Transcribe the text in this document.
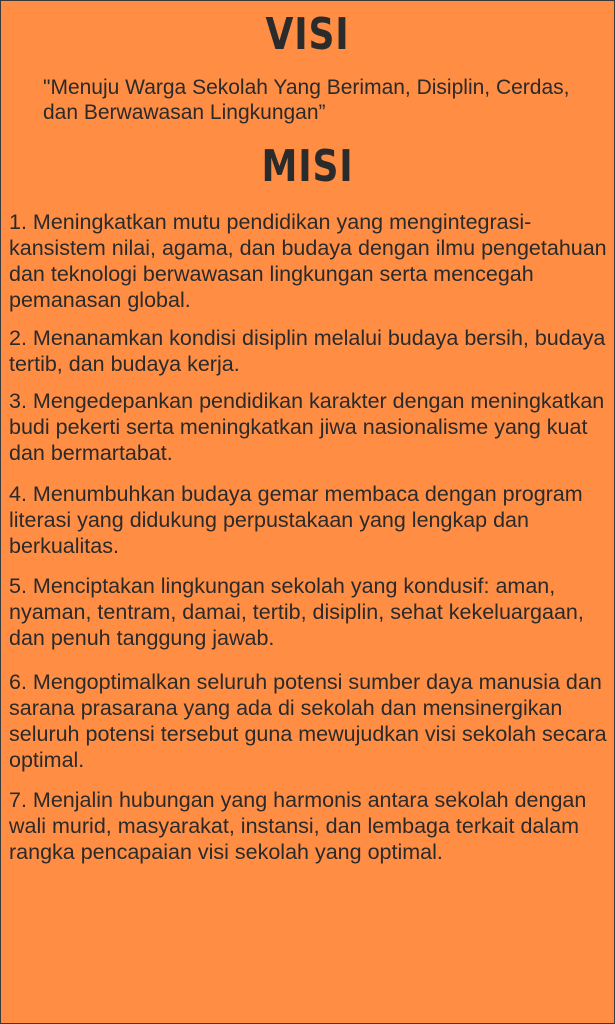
VISI

"Menuju Warga Sekolah Yang Beriman, Disiplin, Cerdas, dan Berwawasan Lingkungan”

MISI

1. Meningkatkan mutu pendidikan yang mengintegrasi-kansistem nilai, agama, dan budaya dengan ilmu pengetahuan dan teknologi berwawasan lingkungan serta mencegah pemanasan global.

2. Menanamkan kondisi disiplin melalui budaya bersih, budaya tertib, dan budaya kerja.

3. Mengedepankan pendidikan karakter dengan meningkatkan budi pekerti serta meningkatkan jiwa nasionalisme yang kuat dan bermartabat.

4. Menumbuhkan budaya gemar membaca dengan program literasi yang didukung perpustakaan yang lengkap dan berkualitas.

5. Menciptakan lingkungan sekolah yang kondusif: aman, nyaman, tentram, damai, tertib, disiplin, sehat kekeluargaan, dan penuh tanggung jawab.

6. Mengoptimalkan seluruh potensi sumber daya manusia dan sarana prasarana yang ada di sekolah dan mensinergikan seluruh potensi tersebut guna mewujudkan visi sekolah secara optimal.

7. Menjalin hubungan yang harmonis antara sekolah dengan wali murid, masyarakat, instansi, dan lembaga terkait dalam rangka pencapaian visi sekolah yang optimal.
